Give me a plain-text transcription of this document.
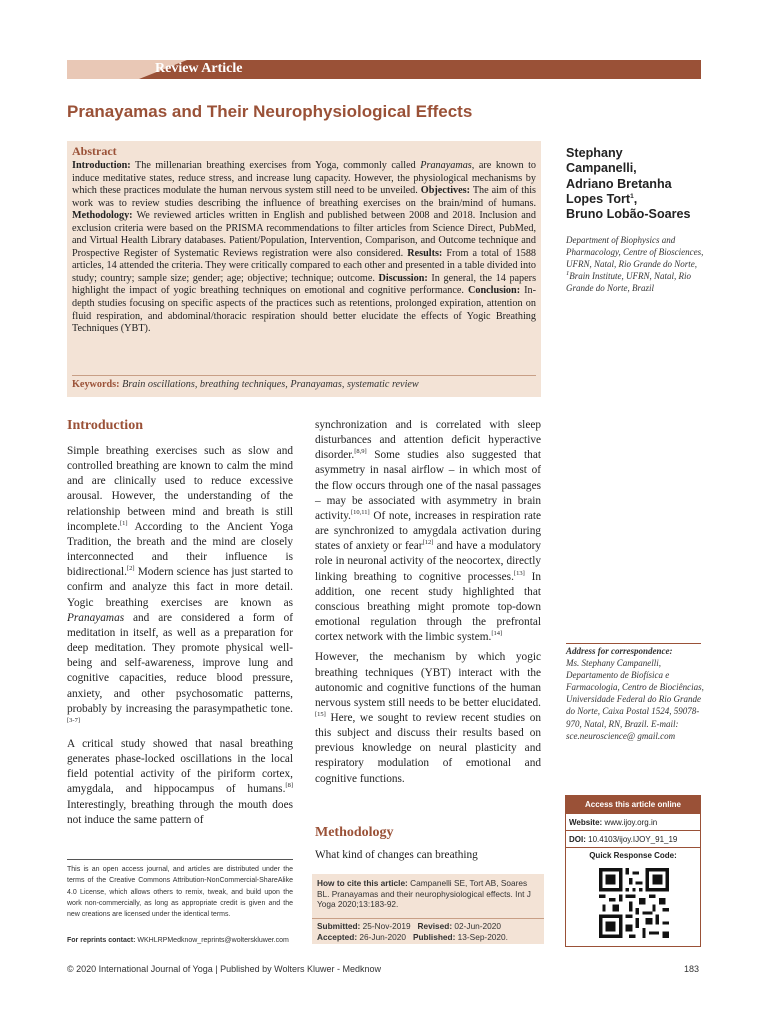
Review Article
Pranayamas and Their Neurophysiological Effects
Abstract
Introduction: The millenarian breathing exercises from Yoga, commonly called Pranayamas, are known to induce meditative states, reduce stress, and increase lung capacity. However, the physiological mechanisms by which these practices modulate the human nervous system still need to be unveiled. Objectives: The aim of this work was to review studies describing the influence of breathing exercises on the brain/mind of humans. Methodology: We reviewed articles written in English and published between 2008 and 2018. Inclusion and exclusion criteria were based on the PRISMA recommendations to filter articles from Science Direct, PubMed, and Virtual Health Library databases. Patient/Population, Intervention, Comparison, and Outcome technique and Prospective Register of Systematic Reviews registration were also considered. Results: From a total of 1588 articles, 14 attended the criteria. They were critically compared to each other and presented in a table divided into study; country; sample size; gender; age; objective; technique; outcome. Discussion: In general, the 14 papers highlight the impact of yogic breathing techniques on emotional and cognitive performance. Conclusion: In-depth studies focusing on specific aspects of the practices such as retentions, prolonged expiration, attention on fluid respiration, and abdominal/thoracic respiration should better elucidate the effects of Yogic Breathing Techniques (YBT).
Keywords: Brain oscillations, breathing techniques, Pranayamas, systematic review
Stephany
Campanelli,
Adriano Bretanha
Lopes Tort$^1$,
Bruno Lobão-Soares
Department of Biophysics and Pharmacology, Centre of Biosciences, UFRN, Natal, Rio Grande do Norte, $^1$Brain Institute, UFRN, Natal, Rio Grande do Norte, Brazil
Introduction

Simple breathing exercises such as slow and controlled breathing are known to calm the mind and are clinically used to reduce excessive arousal. However, the understanding of the relationship between mind and breath is still incomplete.[1] According to the Ancient Yoga Tradition, the breath and the mind are closely interconnected and their influence is bidirectional.[2] Modern science has just started to confirm and analyze this fact in more detail. Yogic breathing exercises are known as Pranayamas and are considered a form of meditation in itself, as well as a preparation for deep meditation. They promote physical well-being and self-awareness, improve lung and cognitive capacities, reduce blood pressure, anxiety, and other psychosomatic patterns, probably by increasing the parasympathetic tone.[3-7]

A critical study showed that nasal breathing generates phase-locked oscillations in the local field potential activity of the piriform cortex, amygdala, and hippocampus of humans.[8] Interestingly, breathing through the mouth does not induce the same pattern of

synchronization and is correlated with sleep disturbances and attention deficit hyperactive disorder.[8,9] Some studies also suggested that asymmetry in nasal airflow – in which most of the flow occurs through one of the nasal passages – may be associated with asymmetry in brain activity.[10,11] Of note, increases in respiration rate are synchronized to amygdala activation during states of anxiety or fear[12] and have a modulatory role in neuronal activity of the neocortex, directly linking breathing to cognitive processes.[13] In addition, one recent study highlighted that conscious breathing might promote top-down emotional regulation through the prefrontal cortex network with the limbic system.[14]

However, the mechanism by which yogic breathing techniques (YBT) interact with the autonomic and cognitive functions of the human nervous system still needs to be better elucidated.[15] Here, we sought to review recent studies on this subject and discuss their results based on previous knowledge on neural plasticity and respiratory modulation of emotional and cognitive functions.

Methodology
What kind of changes can breathing
This is an open access journal, and articles are distributed under the terms of the Creative Commons Attribution-NonCommercial-ShareAlike 4.0 License, which allows others to remix, tweak, and build upon the work non-commercially, as long as appropriate credit is given and the new creations are licensed under the identical terms.
For reprints contact: WKHLRPMedknow_reprints@wolterskluwer.com
How to cite this article: Campanelli SE, Tort AB, Soares BL. Pranayamas and their neurophysiological effects. Int J Yoga 2020;13:183-92.
Submitted: 25-Nov-2019 Revised: 02-Jun-2020
Accepted: 26-Jun-2020 Published: 13-Sep-2020.
Address for correspondence:
Ms. Stephany Campanelli, Departamento de Biofísica e Farmacologia, Centro de Biociências, Universidade Federal do Rio Grande do Norte, Caixa Postal 1524, 59078-970, Natal, RN, Brazil. E-mail: sce.neuroscience@ gmail.com
Access this article online
Website: www.ijoy.org.in
DOI: 10.4103/ijoy.IJOY_91_19
Quick Response Code:
© 2020 International Journal of Yoga | Published by Wolters Kluwer - Medknow	183
